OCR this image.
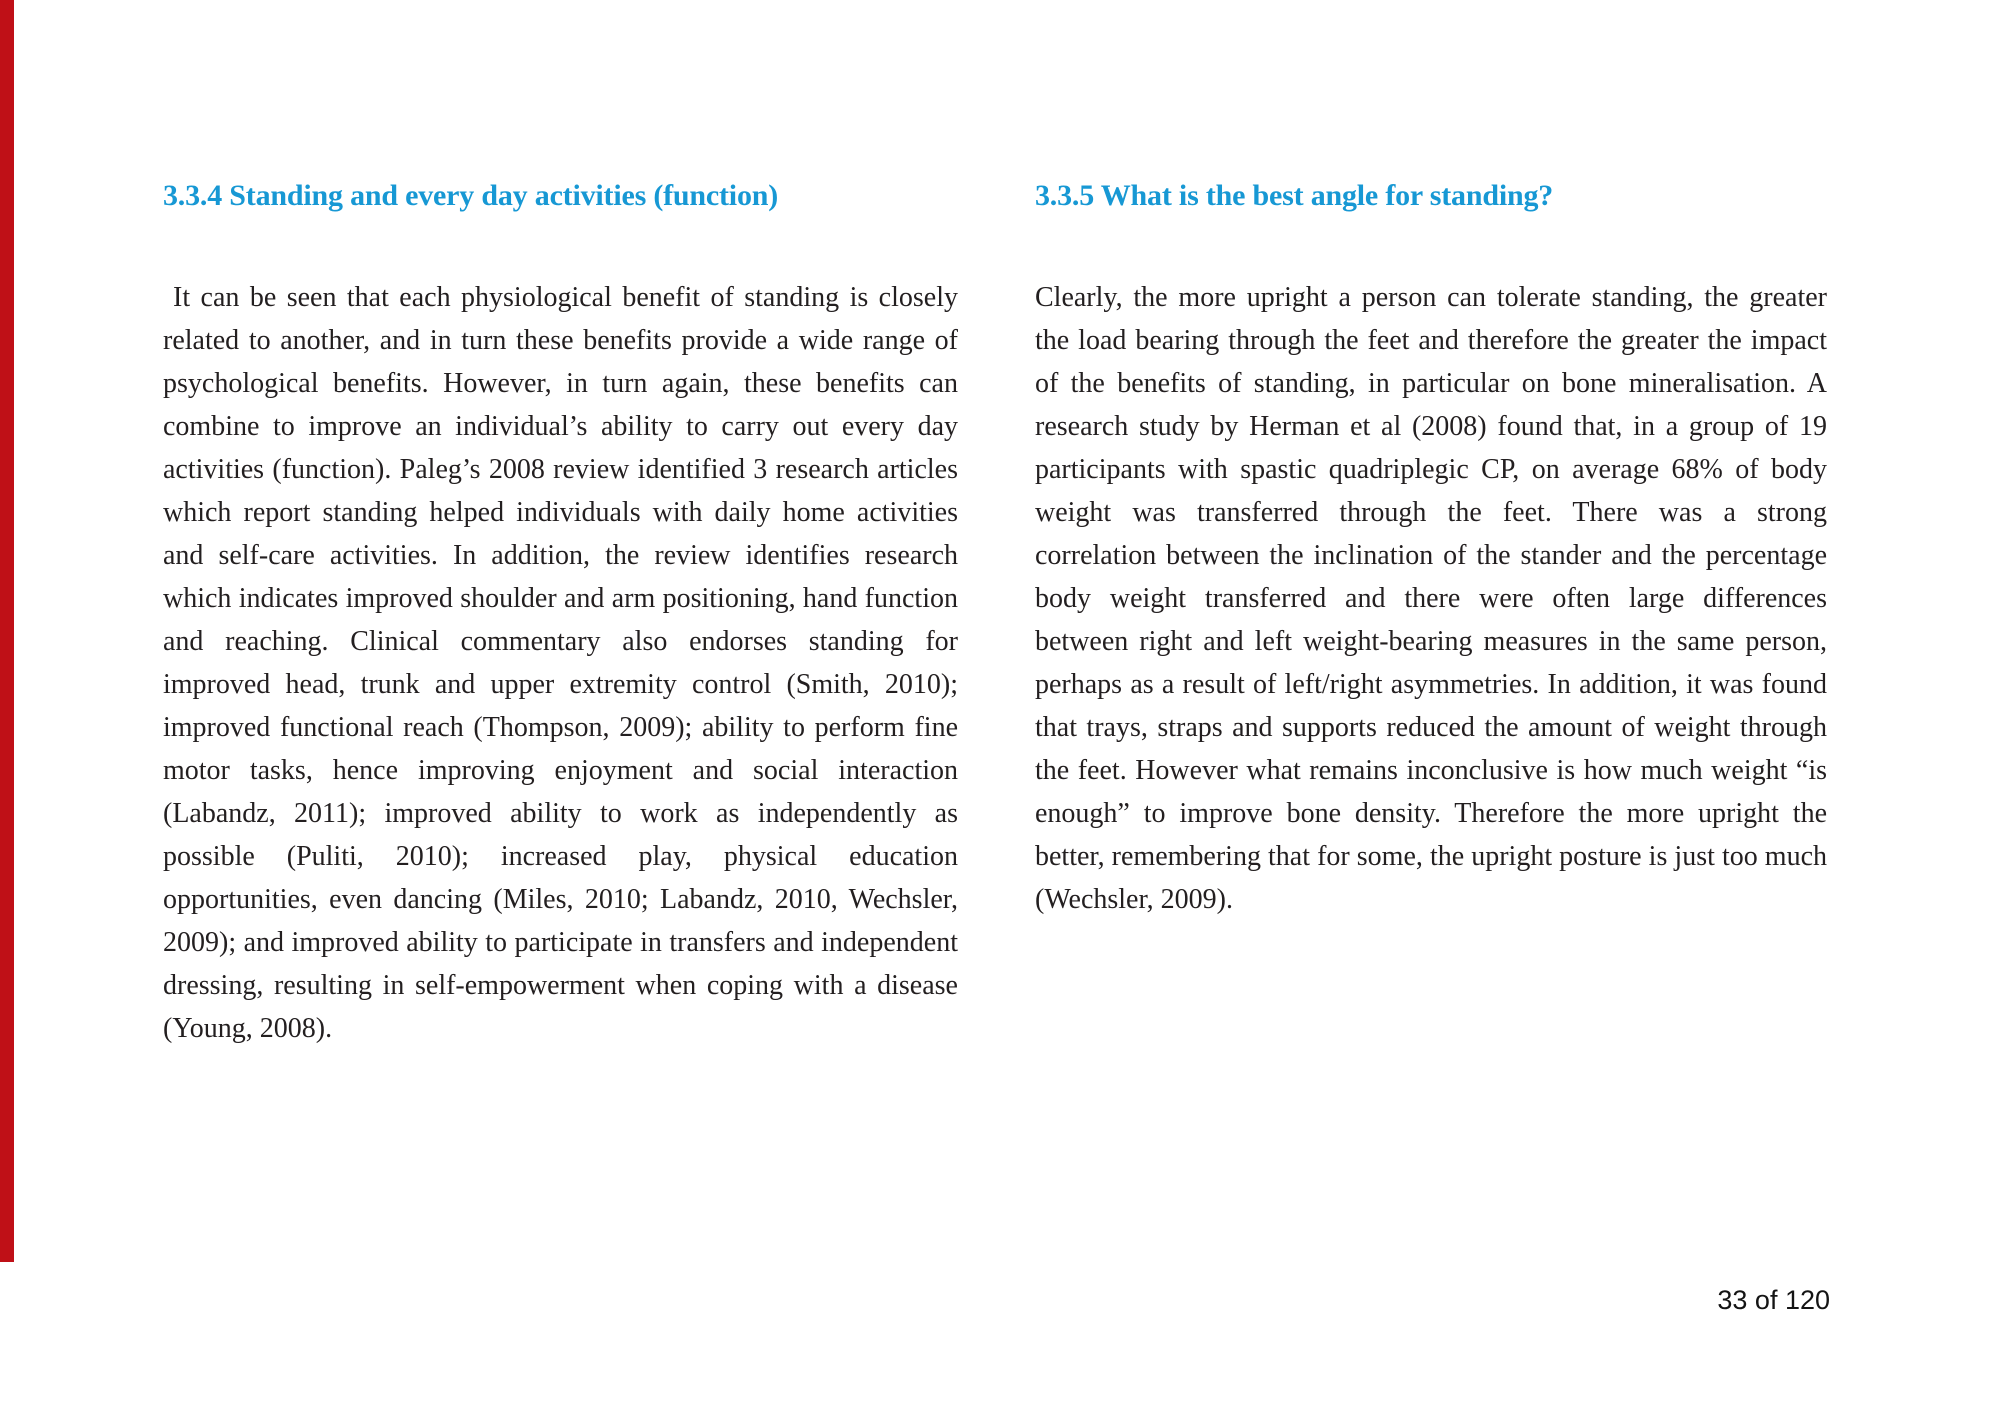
3.3.4 Standing and every day activities (function)

It can be seen that each physiological benefit of standing is closely related to another, and in turn these benefits provide a wide range of psychological benefits. However, in turn again, these benefits can combine to improve an individual’s ability to carry out every day activities (function). Paleg’s 2008 review identified 3 research articles which report standing helped individuals with daily home activities and self-care activities. In addition, the review identifies research which indicates improved shoulder and arm positioning, hand function and reaching. Clinical commentary also endorses standing for improved head, trunk and upper extremity control (Smith, 2010); improved functional reach (Thompson, 2009); ability to perform fine motor tasks, hence improving enjoyment and social interaction (Labandz, 2011); improved ability to work as independently as possible (Puliti, 2010); increased play, physical education opportunities, even dancing (Miles, 2010; Labandz, 2010, Wechsler, 2009); and improved ability to participate in transfers and independent dressing, resulting in self-empowerment when coping with a disease (Young, 2008).

3.3.5 What is the best angle for standing?

Clearly, the more upright a person can tolerate standing, the greater the load bearing through the feet and therefore the greater the impact of the benefits of standing, in particular on bone mineralisation. A research study by Herman et al (2008) found that, in a group of 19 participants with spastic quadriplegic CP, on average 68% of body weight was transferred through the feet. There was a strong correlation between the inclination of the stander and the percentage body weight transferred and there were often large differences between right and left weight-bearing measures in the same person, perhaps as a result of left/right asymmetries. In addition, it was found that trays, straps and supports reduced the amount of weight through the feet. However what remains inconclusive is how much weight “is enough” to improve bone density. Therefore the more upright the better, remembering that for some, the upright posture is just too much (Wechsler, 2009).

33 of 120
